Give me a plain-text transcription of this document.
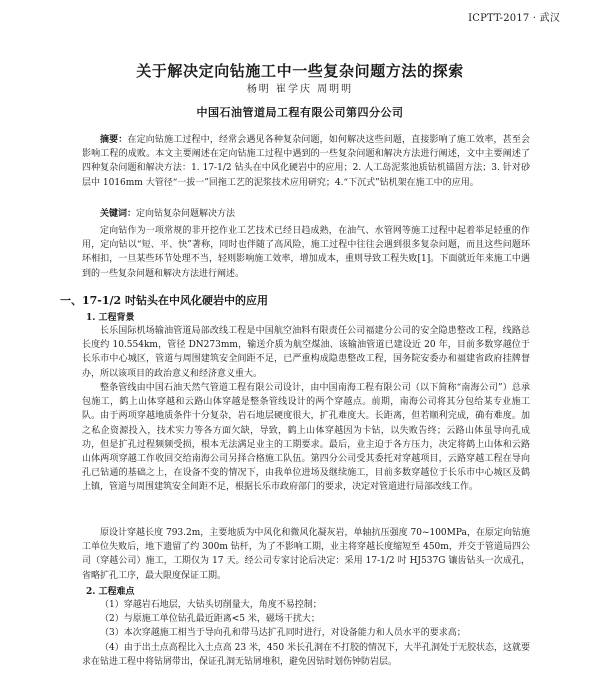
ICPTT-2017 · 武汉
关于解决定向钻施工中一些复杂问题方法的探索
杨明 崔学庆 周明明
中国石油管道局工程有限公司第四分公司

摘要：在定向钻施工过程中，经常会遇见各种复杂问题，如何解决这些问题，直接影响了施工效率，甚至会影响工程的成败。本文主要阐述在定向钻施工过程中遇到的一些复杂问题和解决方法进行阐述，文中主要阐述了四种复杂问题和解决方法：1. 17-1/2 钻头在中风化硬岩中的应用；2. 人工岛泥浆池质钻机锚固方法；3. 针对砂层中 1016mm 大管径“一拔一”回拖工艺的泥浆技术应用研究；4.“下沉式”钻机架在施工中的应用。

关键词：定向钻复杂问题解决方法

定向钻作为一项常规的非开挖作业工艺技术已经日趋成熟，在油气、水管网等施工过程中起着举足轻重的作用，定向钻以“短、平、快”著称，同时也伴随了高风险，施工过程中往往会遇到很多复杂问题，而且这些问题环环相扣，一旦某些环节处理不当，轻则影响施工效率，增加成本，重则导致工程失败[1]。下面就近年来施工中遇到的一些复杂问题和解决方法进行阐述。

一、17-1/2 吋钻头在中风化硬岩中的应用
1. 工程背景

长乐国际机场输油管道局部改线工程是中国航空油料有限责任公司福建分公司的安全隐患整改工程，线路总长度约 10.554km，管径 DN273mm，输送介质为航空煤油、该输油管道已建设近 20 年，目前多数穿越位于长乐市中心城区，管道与周围建筑安全间距不足，已严重构成隐患整改工程，国务院安委办和福建省政府挂牌督办，所以该项目的政治意义和经济意义重大。

整条管线由中国石油天然气管道工程有限公司设计，由中国南海工程有限公司（以下简称“南海公司”）总承包施工，鹤上山体穿越和云路山体穿越是整条管线设计的两个穿越点。前期，南海公司将其分包给某专业施工队。由于两项穿越地质条件十分复杂，岩石地层硬度很大，扩孔难度大。长距离，但若顺利完成，确有难度。加之私企资源投入，技术实力等各方面欠缺，导致，鹤上山体穿越因为卡钻，以失败告终；云路山体虽导向孔成功，但是扩孔过程频频受损，根本无法满足业主的工期要求。最后，业主迫于各方压力，决定将鹤上山体和云路山体两项穿越工作收回交给南海公司另择合格施工队伍。第四分公司受其委托对穿越项目，云路穿越工程在导向孔已钻通的基础之上，在设备不变的情况下，由我单位进场及继续施工，目前多数穿越位于长乐市中心城区及鹤上镇，管道与周围建筑安全间距不足，根据长乐市政府部门的要求，决定对管道进行局部改线工作。

原设计穿越长度 793.2m，主要地质为中风化和微风化凝灰岩，单轴抗压强度 70~100MPa，在原定向钻施工单位失败后，地下遗留了约 300m 钻杆，为了不影响工期，业主将穿越长度缩短至 450m，并交于管道局四公司（穿越公司）施工，工期仅为 17 天。经公司专家讨论后决定：采用 17-1/2 吋 HJ537G 镶齿钻头一次成孔，省略扩孔工序，最大限度保证工期。

2. 工程难点

（1）穿越岩石地层，大钻头切削量大，角度不易控制；

（2）与原施工单位钻孔最近距离<5 米，磁场干扰大；

（3）本次穿越施工相当于导向孔和带马达扩孔同时进行，对设备能力和人员水平的要求高；

（4）由于出土点高程比入土点高 23 米，450 米长孔洞在不打胶的情况下，大半孔洞处于无胶状态，这就要求在钻进工程中将钻屑带出，保证孔洞无钻屑堆积，避免因钻时划伤钟防岩层。
